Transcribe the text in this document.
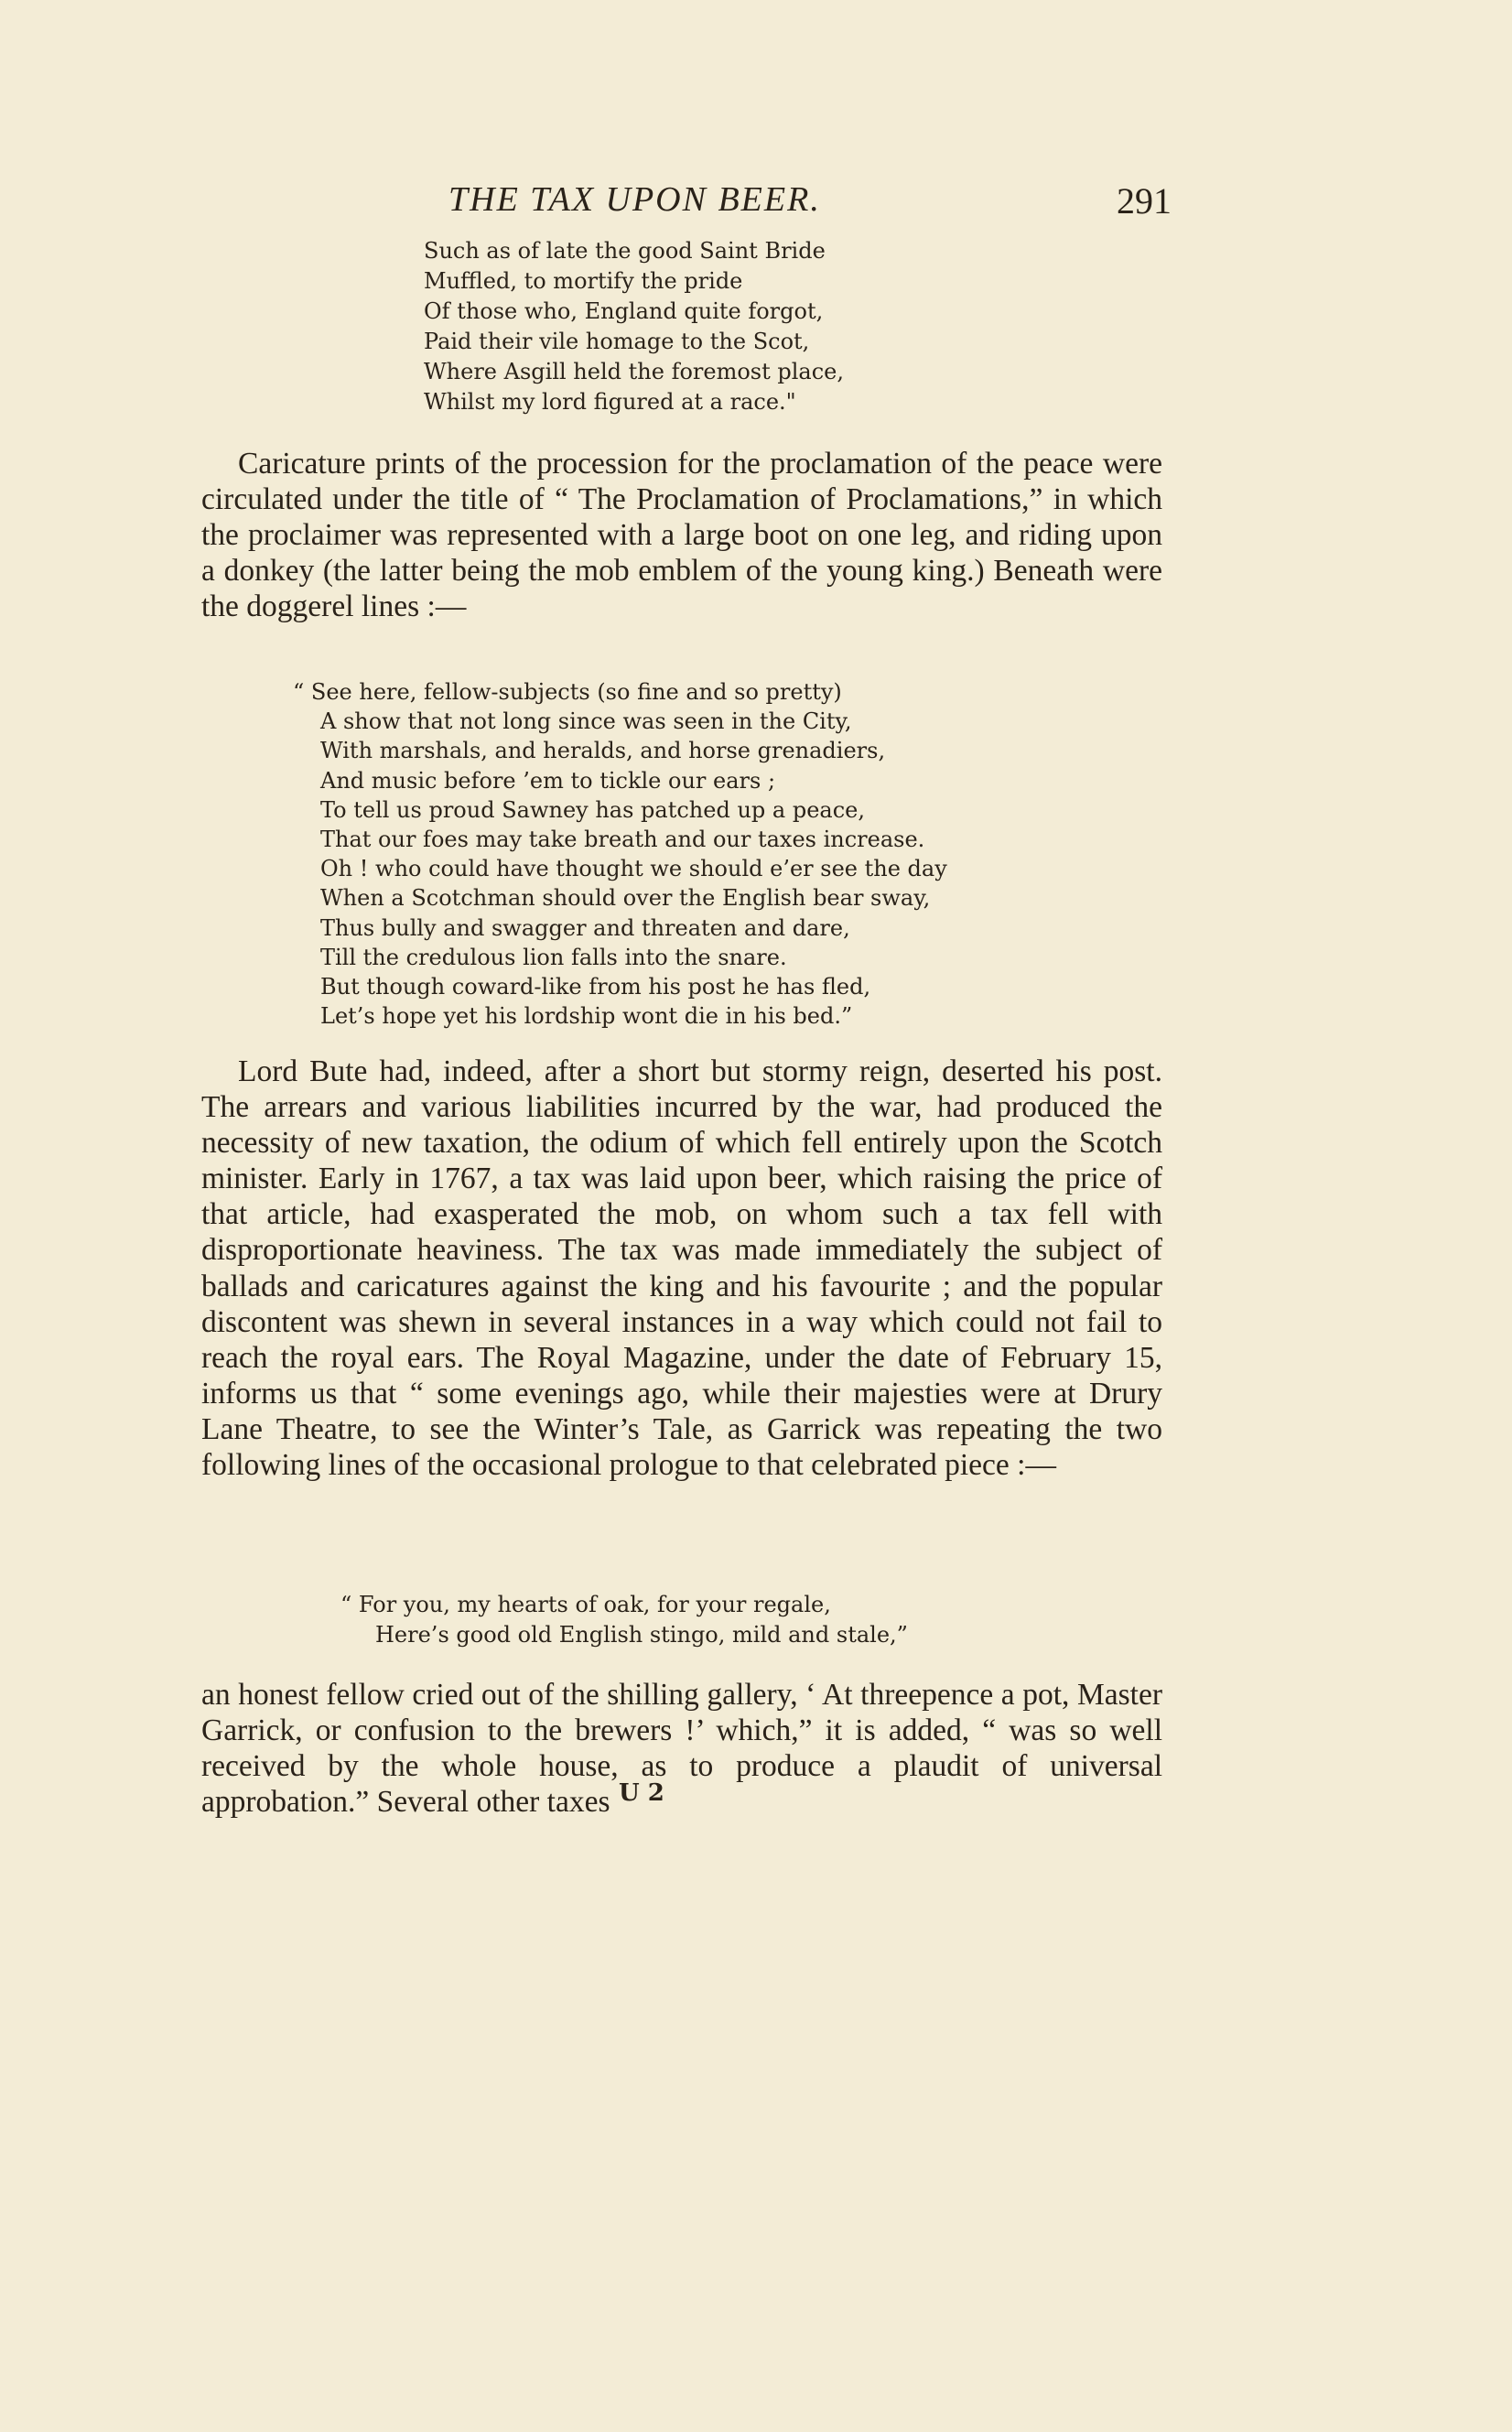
THE TAX UPON BEER.	291
Such as of late the good Saint Bride
Muffled, to mortify the pride
Of those who, England quite forgot,
Paid their vile homage to the Scot,
Where Asgill held the foremost place,
Whilst my lord figured at a race."
Caricature prints of the procession for the proclamation of the peace were circulated under the title of “ The Proclamation of Proclamations,” in which the proclaimer was represented with a large boot on one leg, and riding upon a donkey (the latter being the mob emblem of the young king.) Beneath were the doggerel lines :—
“ See here, fellow-subjects (so fine and so pretty)
A show that not long since was seen in the City,
With marshals, and heralds, and horse grenadiers,
And music before ’em to tickle our ears ;
To tell us proud Sawney has patched up a peace,
That our foes may take breath and our taxes increase.
Oh ! who could have thought we should e’er see the day
When a Scotchman should over the English bear sway,
Thus bully and swagger and threaten and dare,
Till the credulous lion falls into the snare.
But though coward-like from his post he has fled,
Let’s hope yet his lordship wont die in his bed.”
Lord Bute had, indeed, after a short but stormy reign, deserted his post. The arrears and various liabilities incurred by the war, had produced the necessity of new taxation, the odium of which fell entirely upon the Scotch minister. Early in 1767, a tax was laid upon beer, which raising the price of that article, had exasperated the mob, on whom such a tax fell with disproportionate heaviness. The tax was made immediately the subject of ballads and caricatures against the king and his favourite ; and the popular discontent was shewn in several instances in a way which could not fail to reach the royal ears. The Royal Magazine, under the date of February 15, informs us that “ some evenings ago, while their majesties were at Drury Lane Theatre, to see the Winter’s Tale, as Garrick was repeating the two following lines of the occasional prologue to that celebrated piece :—
“ For you, my hearts of oak, for your regale,
Here’s good old English stingo, mild and stale,”
an honest fellow cried out of the shilling gallery, ‘ At threepence a pot, Master Garrick, or confusion to the brewers !’ which,” it is added, “ was so well received by the whole house, as to produce a plaudit of universal approbation.” Several other taxes U 2
